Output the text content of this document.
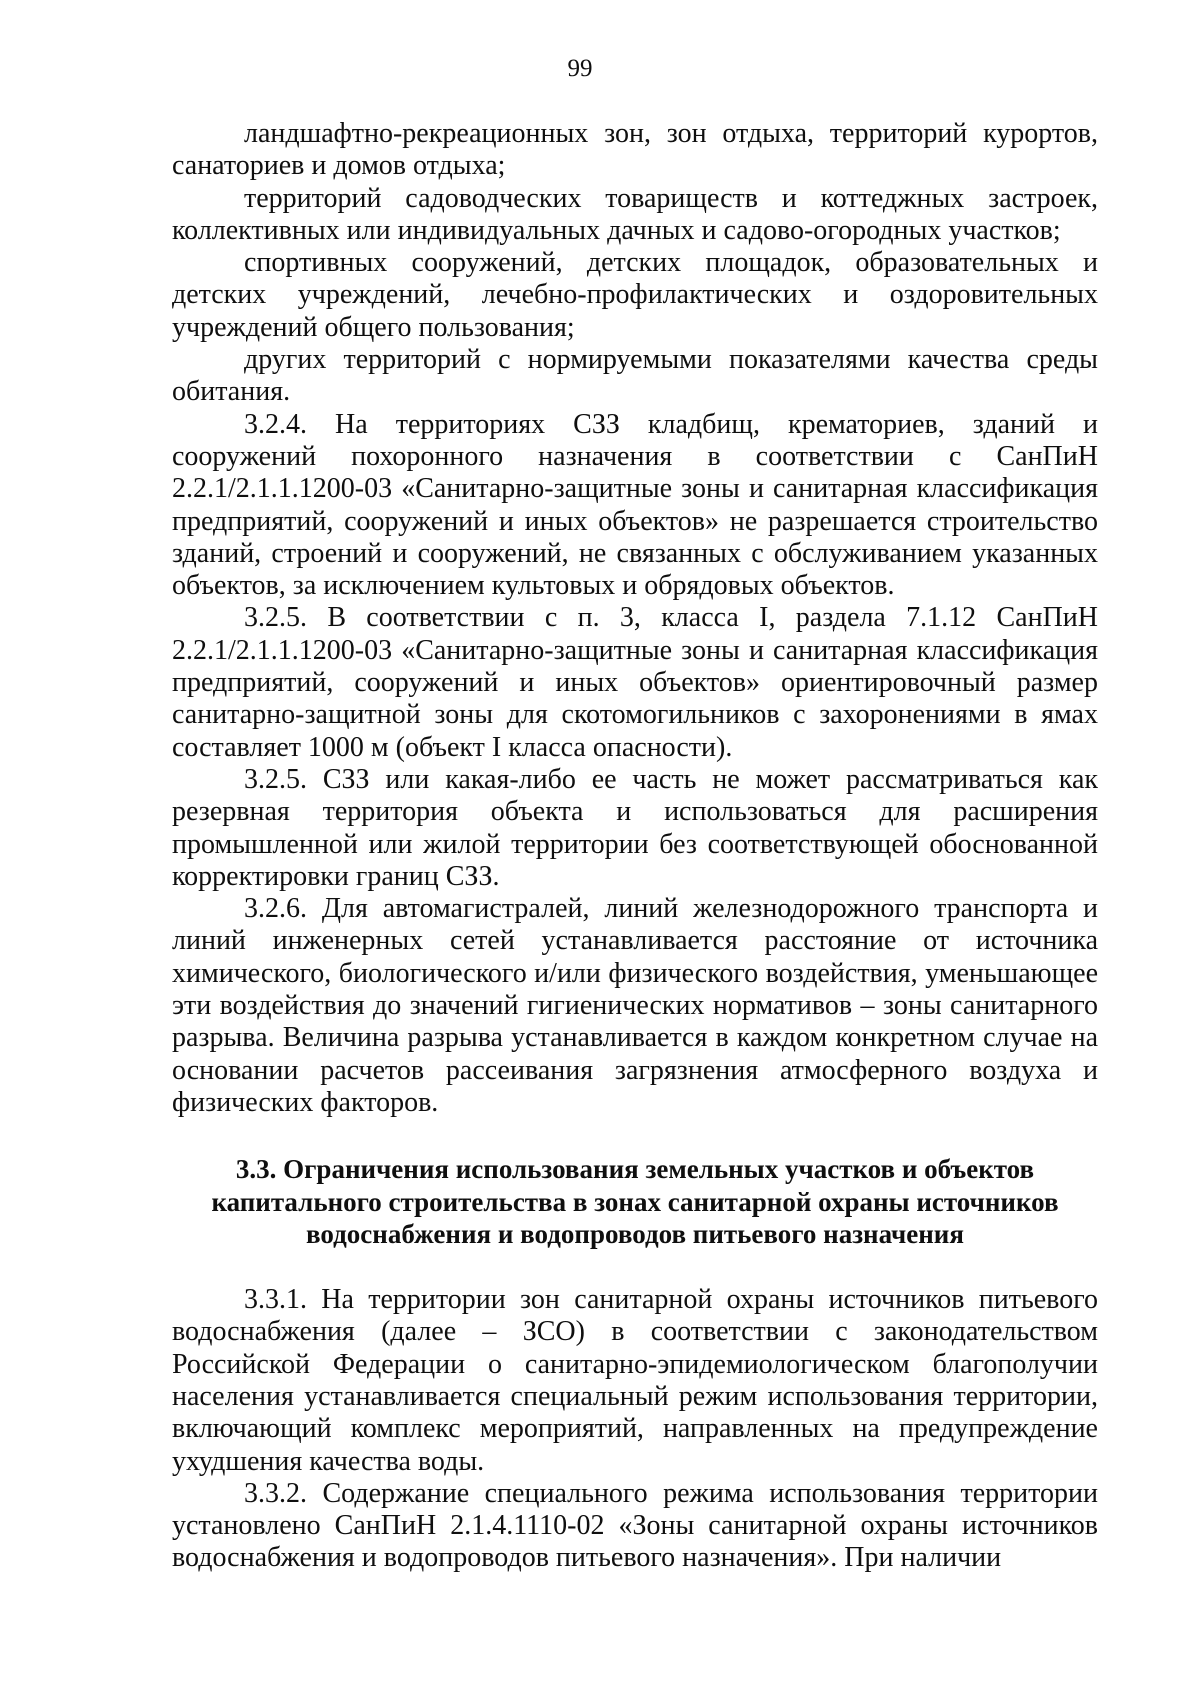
99

ландшафтно-рекреационных зон, зон отдыха, территорий курортов, санаториев и домов отдыха;

территорий садоводческих товариществ и коттеджных застроек, коллективных или индивидуальных дачных и садово-огородных участков;

спортивных сооружений, детских площадок, образовательных и детских учреждений, лечебно-профилактических и оздоровительных учреждений общего пользования;

других территорий с нормируемыми показателями качества среды обитания.

3.2.4. На территориях СЗЗ кладбищ, крематориев, зданий и сооружений похоронного назначения в соответствии с СанПиН 2.2.1/2.1.1.1200-03 «Санитарно-защитные зоны и санитарная классификация предприятий, сооружений и иных объектов» не разрешается строительство зданий, строений и сооружений, не связанных с обслуживанием указанных объектов, за исключением культовых и обрядовых объектов.

3.2.5. В соответствии с п. 3, класса I, раздела 7.1.12 СанПиН 2.2.1/2.1.1.1200-03 «Санитарно-защитные зоны и санитарная классификация предприятий, сооружений и иных объектов» ориентировочный размер санитарно-защитной зоны для скотомогильников с захоронениями в ямах составляет 1000 м (объект I класса опасности).

3.2.5. СЗЗ или какая-либо ее часть не может рассматриваться как резервная территория объекта и использоваться для расширения промышленной или жилой территории без соответствующей обоснованной корректировки границ СЗЗ.

3.2.6. Для автомагистралей, линий железнодорожного транспорта и линий инженерных сетей устанавливается расстояние от источника химического, биологического и/или физического воздействия, уменьшающее эти воздействия до значений гигиенических нормативов – зоны санитарного разрыва. Величина разрыва устанавливается в каждом конкретном случае на основании расчетов рассеивания загрязнения атмосферного воздуха и физических факторов.

3.3. Ограничения использования земельных участков и объектов
капитального строительства в зонах санитарной охраны источников
водоснабжения и водопроводов питьевого назначения

3.3.1. На территории зон санитарной охраны источников питьевого водоснабжения (далее – ЗСО) в соответствии с законодательством Российской Федерации о санитарно-эпидемиологическом благополучии населения устанавливается специальный режим использования территории, включающий комплекс мероприятий, направленных на предупреждение ухудшения качества воды.

3.3.2. Содержание специального режима использования территории установлено СанПиН 2.1.4.1110-02 «Зоны санитарной охраны источников водоснабжения и водопроводов питьевого назначения». При наличии
